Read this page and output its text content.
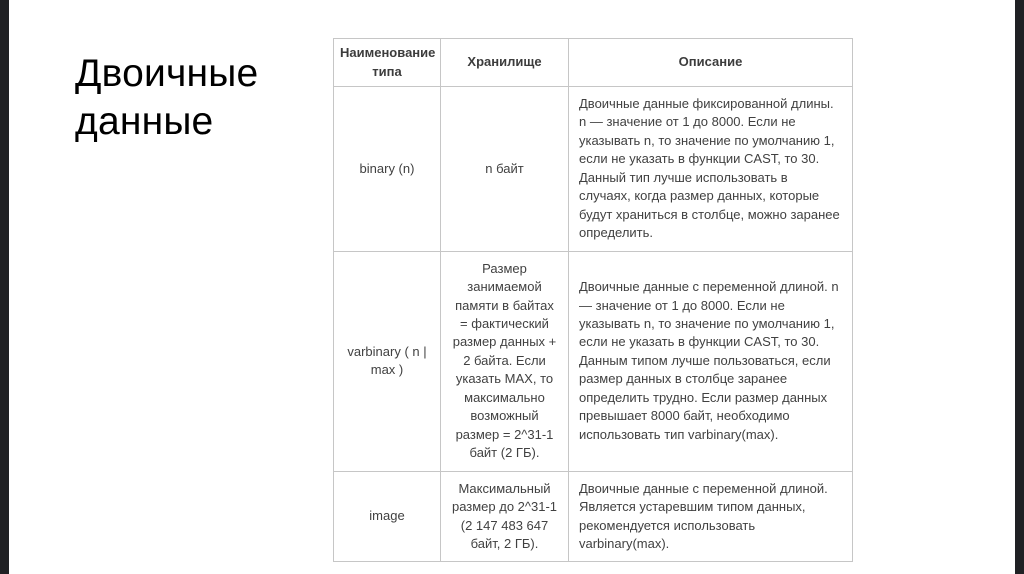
Двоичные данные
Наименование типа	Хранилище	Описание
binary (n)	n байт	Двоичные данные фиксированной длины. n — значение от 1 до 8000. Если не указывать n, то значение по умолчанию 1, если не указать в функции CAST, то 30. Данный тип лучше использовать в случаях, когда размер данных, которые будут храниться в столбце, можно заранее определить.
varbinary ( n | max )	Размер занимаемой памяти в байтах = фактический размер данных + 2 байта. Если указать MAX, то максимально возможный размер = 2^31-1 байт (2 ГБ).	Двоичные данные с переменной длиной. n — значение от 1 до 8000. Если не указывать n, то значение по умолчанию 1, если не указать в функции CAST, то 30. Данным типом лучше пользоваться, если размер данных в столбце заранее определить трудно. Если размер данных превышает 8000 байт, необходимо использовать тип varbinary(max).
image	Максимальный размер до 2^31-1 (2 147 483 647 байт, 2 ГБ).	Двоичные данные с переменной длиной. Является устаревшим типом данных, рекомендуется использовать varbinary(max).
